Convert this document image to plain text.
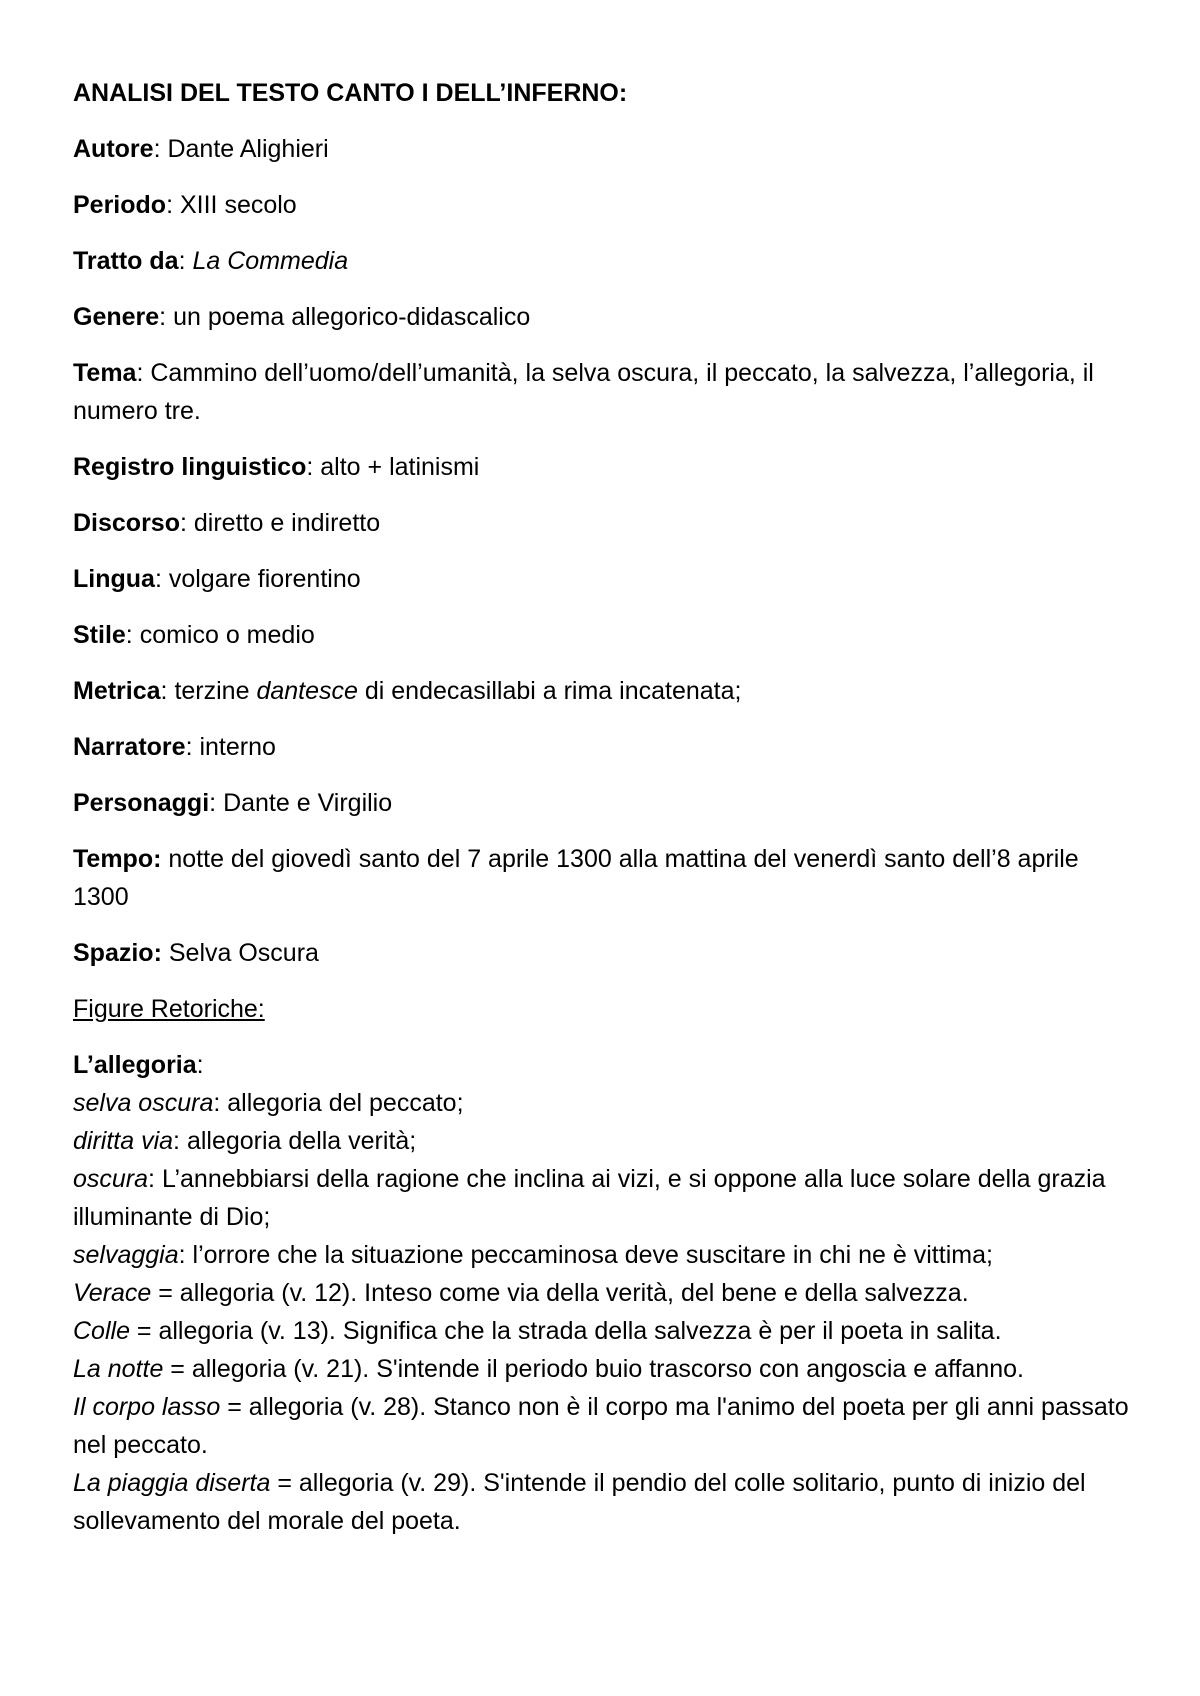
ANALISI DEL TESTO CANTO I DELL’INFERNO:
Autore: Dante Alighieri
Periodo: XIII secolo
Tratto da: La Commedia
Genere: un poema allegorico-didascalico
Tema: Cammino dell’uomo/dell’umanità, la selva oscura, il peccato, la salvezza, l’allegoria, il numero tre.
Registro linguistico: alto + latinismi
Discorso: diretto e indiretto
Lingua: volgare fiorentino
Stile: comico o medio
Metrica: terzine dantesce di endecasillabi a rima incatenata;
Narratore: interno
Personaggi: Dante e Virgilio
Tempo: notte del giovedì santo del 7 aprile 1300 alla mattina del venerdì santo dell’8 aprile 1300
Spazio: Selva Oscura
Figure Retoriche:
L’allegoria:
selva oscura: allegoria del peccato;
diritta via: allegoria della verità;
oscura: L’annebbiarsi della ragione che inclina ai vizi, e si oppone alla luce solare della grazia illuminante di Dio;
selvaggia: l’orrore che la situazione peccaminosa deve suscitare in chi ne è vittima;
Verace = allegoria (v. 12). Inteso come via della verità, del bene e della salvezza.
Colle = allegoria (v. 13). Significa che la strada della salvezza è per il poeta in salita.
La notte = allegoria (v. 21). S'intende il periodo buio trascorso con angoscia e affanno.
Il corpo lasso = allegoria (v. 28). Stanco non è il corpo ma l'animo del poeta per gli anni passato nel peccato.
La piaggia diserta = allegoria (v. 29). S'intende il pendio del colle solitario, punto di inizio del sollevamento del morale del poeta.
